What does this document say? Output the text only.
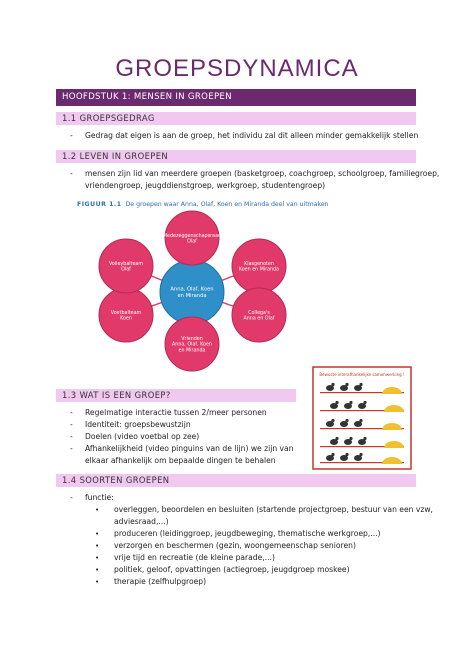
GROEPSDYNAMICA
HOOFDSTUK 1: MENSEN IN GROEPEN
1.1 GROEPSGEDRAG
- Gedrag dat eigen is aan de groep, het individu zal dit alleen minder gemakkelijk stellen
1.2 LEVEN IN GROEPEN
- mensen zijn lid van meerdere groepen (basketgroep, coachgroep, schoolgroep, familiegroep,
vriendengroep, jeugddienstgroep, werkgroep, studentengroep)
FIGUUR 1.1 De groepen waar Anna, Olaf, Koen en Miranda deel van uitmaken
Anna, Olaf, Koen
en Miranda
Medezeggenschapsraad
Olaf
Klasgenoten
Koen en Miranda
Collega's
Anna en Olaf
Vrienden
Anna, Olaf, Koen
en Miranda
Voetbalteam
Koen
Volleybalteam
Olaf
1.3 WAT IS EEN GROEP?
- Regelmatige interactie tussen 2/meer personen
- Identiteit: groepsbewustzijn
- Doelen (video voetbal op zee)
- Afhankelijkheid (video pinguins van de lijn) we zijn van
elkaar afhankelijk om bepaalde dingen te behalen
Bewuste interafhankelijke samenwerking !
1.4 SOORTEN GROEPEN
- functie:
• overleggen, beoordelen en besluiten (startende projectgroep, bestuur van een vzw,
adviesraad,...)
• produceren (leidinggroep, jeugdbeweging, thematische werkgroep,...)
• verzorgen en beschermen (gezin, woongemeenschap senioren)
• vrije tijd en recreatie (de kleine parade,...)
• politiek, geloof, opvattingen (actiegroep, jeugdgroep moskee)
• therapie (zelfhulpgroep)
